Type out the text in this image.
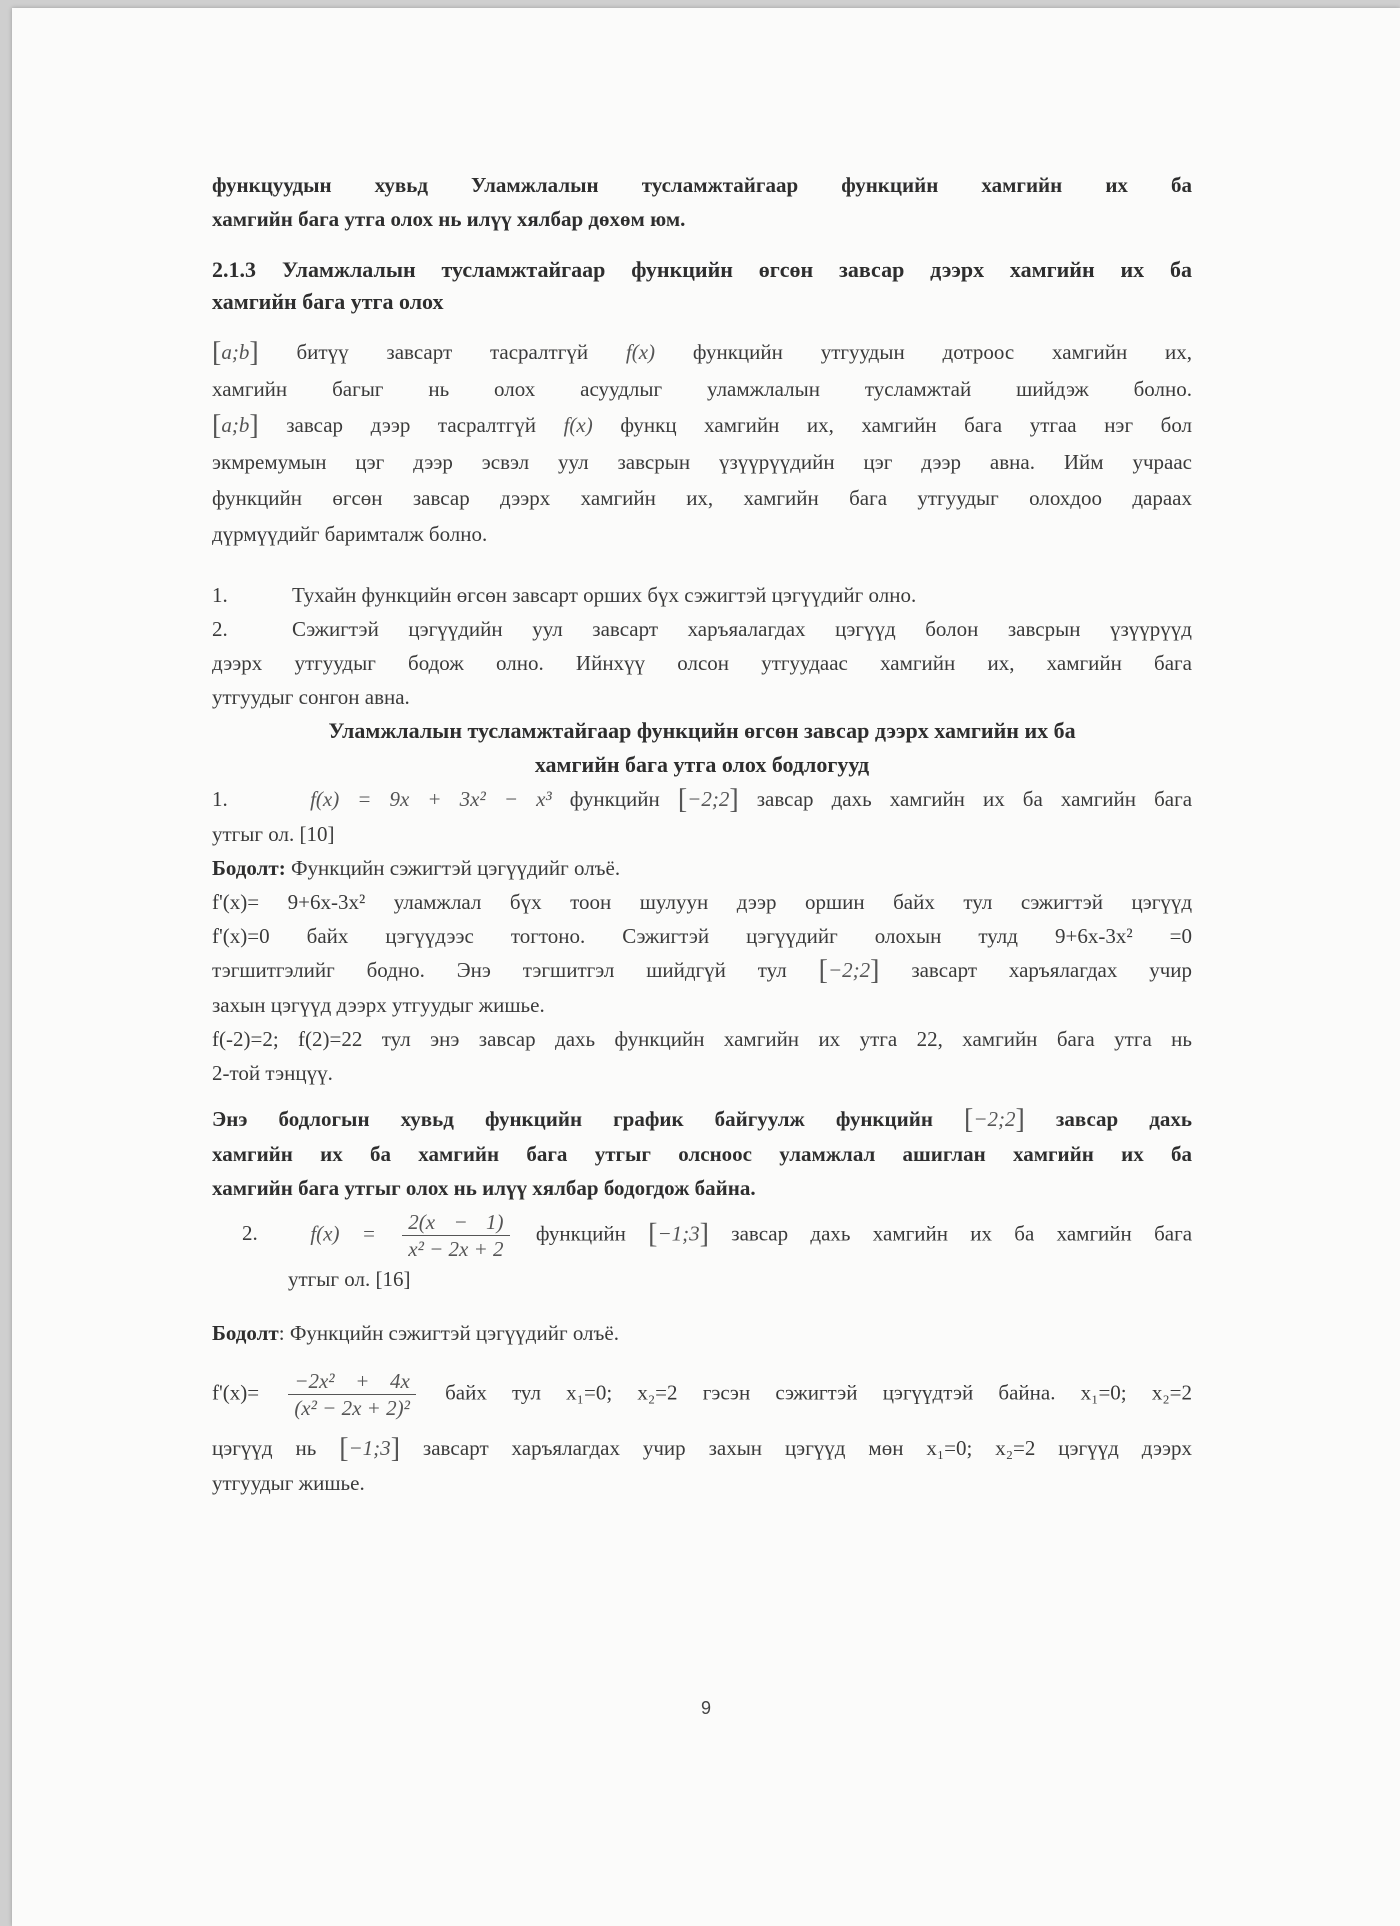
функцуудын хувьд Уламжлалын тусламжтайгаар функцийн хамгийн их ба

хамгийн бага утга олох нь илүү хялбар дөхөм юм.

2.1.3 Уламжлалын тусламжтайгаар функцийн өгсөн завсар дээрх хамгийн их ба

хамгийн бага утга олох

[a;b] битүү завсарт тасралтгүй f(x) функцийн утгуудын дотроос хамгийн их,

хамгийн багыг нь олох асуудлыг уламжлалын тусламжтай шийдэж болно.

[a;b] завсар дээр тасралтгүй f(x) функц хамгийн их, хамгийн бага утгаа нэг бол

экмремумын цэг дээр эсвэл уул завсрын үзүүрүүдийн цэг дээр авна. Ийм учраас

функцийн өгсөн завсар дээрх хамгийн их, хамгийн бага утгуудыг олохдоо дараах

дүрмүүдийг баримталж болно.

1.	Тухайн функцийн өгсөн завсарт орших бүх сэжигтэй цэгүүдийг олно.

2.	Сэжигтэй цэгүүдийн уул завсарт харъяалагдах цэгүүд болон завсрын үзүүрүүд

дээрх утгуудыг бодож олно. Ийнхүү олсон утгуудаас хамгийн их, хамгийн бага

утгуудыг сонгон авна.

Уламжлалын тусламжтайгаар функцийн өгсөн завсар дээрх хамгийн их ба

хамгийн бага утга олох бодлогууд

1.	f(x) = 9x + 3x² − x³ функцийн [−2;2] завсар дахь хамгийн их ба хамгийн бага

утгыг ол. [10]

Бодолт: Функцийн сэжигтэй цэгүүдийг олъё.

f'(x)= 9+6x-3x² уламжлал бүх тоон шулуун дээр оршин байх тул сэжигтэй цэгүүд

f'(x)=0 байх цэгүүдээс тогтоно. Сэжигтэй цэгүүдийг олохын тулд 9+6x-3x² =0

тэгшитгэлийг бодно. Энэ тэгшитгэл шийдгүй тул [−2;2] завсарт харъялагдах учир

захын цэгүүд дээрх утгуудыг жишье.

f(-2)=2; f(2)=22 тул энэ завсар дахь функцийн хамгийн их утга 22, хамгийн бага утга нь

2-той тэнцүү.

Энэ бодлогын хувьд функцийн график байгуулж функцийн [−2;2] завсар дахь

хамгийн их ба хамгийн бага утгыг олсноос уламжлал ашиглан хамгийн их ба

хамгийн бага утгыг олох нь илүү хялбар бодогдож байна.

2.	$f(x) = \frac{2(x - 1)}{\text{x² − 2x + 2}}$ функцийн [−1;3] завсар дахь хамгийн их ба хамгийн бага

утгыг ол. [16]

Бодолт: Функцийн сэжигтэй цэгүүдийг олъё.

$f'(x)= \frac{\text{−2x² + 4x}}{\text{(x² − 2x + 2)²}}$ байх тул x₁=0; x₂=2 гэсэн сэжигтэй цэгүүдтэй байна. x₁=0; x₂=2

цэгүүд нь [−1;3] завсарт харъялагдах учир захын цэгүүд мөн x₁=0; x₂=2 цэгүүд дээрх

утгуудыг жишье.

9
